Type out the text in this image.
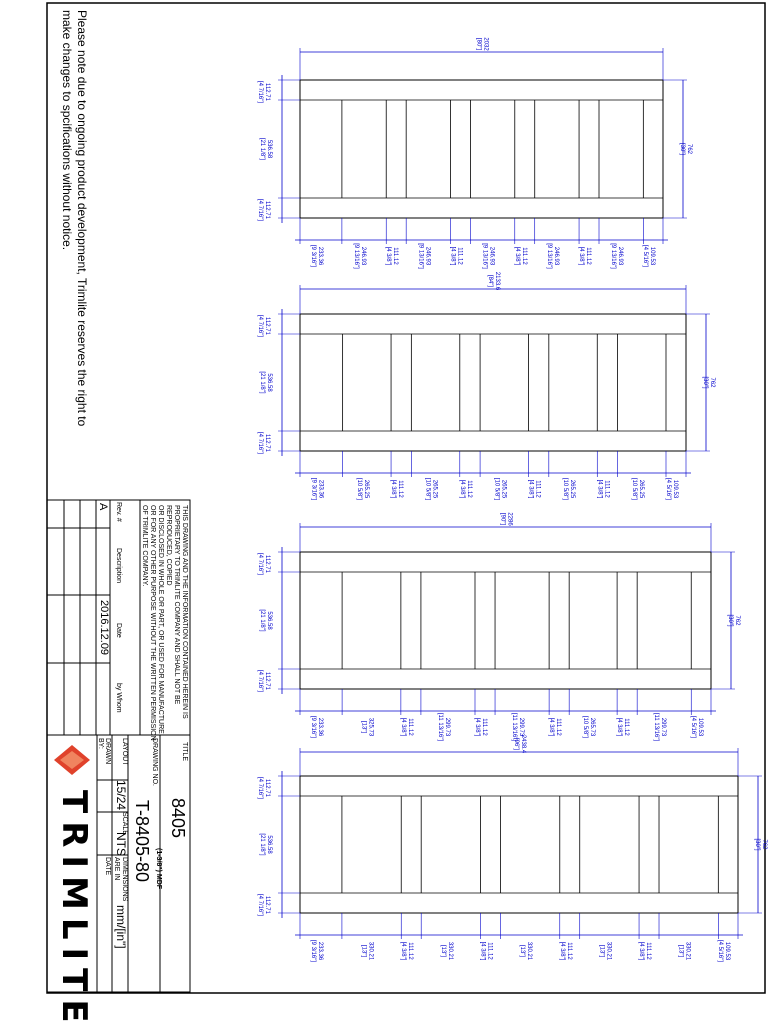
Please note due to ongoing product development, Trimlite reserves the right to make changes to spcifications without notice.	2032[80"]
762[30"]
112.71[4 7/16"]
536.58[21 1/8"]
112.71[4 7/16"]
233.36[9 3/16"]	246.93[9 13/16"]	111.12[4 3/8"]	246.93[9 13/16"]	111.12[4 3/8"]	246.93[9 13/16"]	111.12[4 3/8"]	246.93[9 13/16"]	111.12[4 3/8"]	246.93[9 13/16"]	109.53[4 5/16"]
2133.6[84"]
762[30"]
112.71[4 7/16"]
536.58[21 1/8"]
112.71[4 7/16"]
233.36[9 3/16"]	265.25[10 5/8"]	111.12[4 3/8"]	265.25[10 5/8"]	111.12[4 3/8"]	265.25[10 5/8"]	111.12[4 3/8"]	265.25[10 5/8"]	111.12[4 3/8"]	265.25[10 5/8"]	109.53[4 5/16"]
2286[90"]
762[30"]
112.71[4 7/16"]
536.58[21 1/8"]
112.71[4 7/16"]
233.36[9 3/16"]	325.73[13"]	111.12[4 3/8"]	299.73[11 13/16"]	111.12[4 3/8"]	299.73[11 13/16"]	111.12[4 3/8"]	265.73[10 5/8"]	111.12[4 3/8"]	299.73[11 13/16"]	109.53[4 5/16"]
2438.4[96"]
762[30"]
112.71[4 7/16"]
536.58[21 1/8"]
112.71[4 7/16"]
233.36[9 3/16"]	330.21[13"]	111.12[4 3/8"]	330.21[13"]	111.12[4 3/8"]	330.21[13"]	111.12[4 3/8"]	330.21[13"]	111.12[4 3/8"]	330.21[13"]	109.53[4 5/16"]
THIS DRAWING AND THE INFORMATION CONTAINED HEREIN IS
PROPRIETARY TO TRIMLITE COMPANY AND SHALL NOT BE
REPRODUCED, COPIED
OR DISCLOSED IN WHOLE OR PART, OR USED FOR MANUFACTURE
OR FOR ANY OTHER PURPOSE WITHOUT THE WRITTEN PERMISSION
OF TRIMLITE COMPANY.
Rev. #
Description
Date
by Whom
A
2016.12.09
TITLE
8405
(1-3/8") MDF
DRAWING NO.
T-8405-80
LAYOUT
15/24
SCALE
NTS
DIMENSIONS
ARE IN
mm/[in"]
DRAWN BY:
DATE
TRIMLITE
